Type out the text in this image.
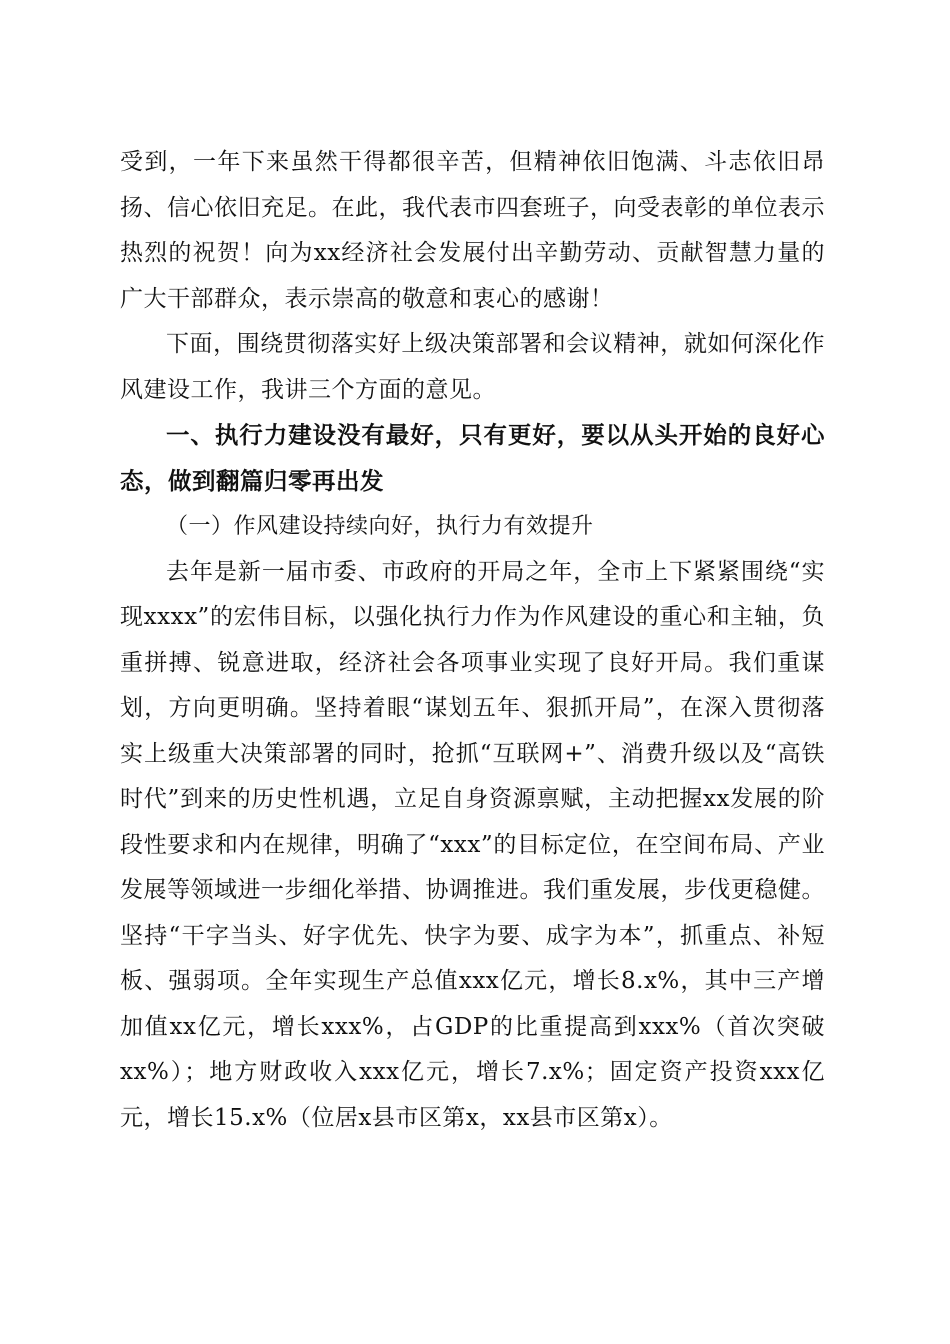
受到，一年下来虽然干得都很辛苦，但精神依旧饱满、斗志依旧昂扬、信心依旧充足。在此，我代表市四套班子，向受表彰的单位表示热烈的祝贺！向为xx经济社会发展付出辛勤劳动、贡献智慧力量的广大干部群众，表示崇高的敬意和衷心的感谢！

下面，围绕贯彻落实好上级决策部署和会议精神，就如何深化作风建设工作，我讲三个方面的意见。

一、执行力建设没有最好，只有更好，要以从头开始的良好心态，做到翻篇归零再出发

（一）作风建设持续向好，执行力有效提升

去年是新一届市委、市政府的开局之年，全市上下紧紧围绕“实现xxxx”的宏伟目标，以强化执行力作为作风建设的重心和主轴，负重拼搏、锐意进取，经济社会各项事业实现了良好开局。我们重谋划，方向更明确。坚持着眼“谋划五年、狠抓开局”，在深入贯彻落实上级重大决策部署的同时，抢抓“互联网+”、消费升级以及“高铁时代”到来的历史性机遇，立足自身资源禀赋，主动把握xx发展的阶段性要求和内在规律，明确了“xxx”的目标定位，在空间布局、产业发展等领域进一步细化举措、协调推进。我们重发展，步伐更稳健。坚持“干字当头、好字优先、快字为要、成字为本”，抓重点、补短板、强弱项。全年实现生产总值xxx亿元，增长8.x%，其中三产增加值xx亿元，增长xxx%，占GDP的比重提高到xxx%（首次突破xx%）；地方财政收入xxx亿元，增长7.x%；固定资产投资xxx亿元，增长15.x%（位居x县市区第x，xx县市区第x）。
